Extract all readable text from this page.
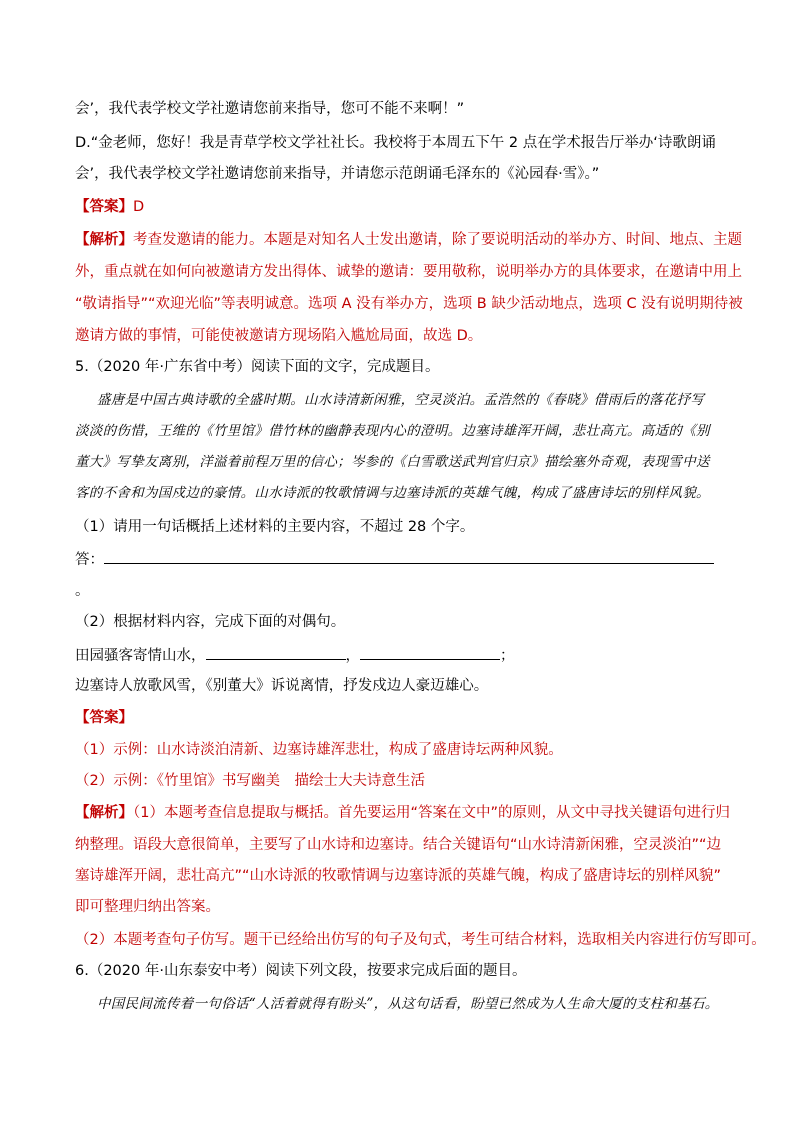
会’，我代表学校文学社邀请您前来指导，您可不能不来啊！”
D.“金老师，您好！我是青草学校文学社社长。我校将于本周五下午 2 点在学术报告厅举办‘诗歌朗诵
会’，我代表学校文学社邀请您前来指导，并请您示范朗诵毛泽东的《沁园春·雪》。”
【答案】D
【解析】考查发邀请的能力。本题是对知名人士发出邀请，除了要说明活动的举办方、时间、地点、主题
外，重点就在如何向被邀请方发出得体、诚挚的邀请：要用敬称，说明举办方的具体要求，在邀请中用上
“敬请指导”“欢迎光临”等表明诚意。选项 A 没有举办方，选项 B 缺少活动地点，选项 C 没有说明期待被
邀请方做的事情，可能使被邀请方现场陷入尴尬局面，故选 D。
5.（2020 年·广东省中考）阅读下面的文字，完成题目。
盛唐是中国古典诗歌的全盛时期。山水诗清新闲雅，空灵淡泊。孟浩然的《春晓》借雨后的落花抒写
淡淡的伤惜，王维的《竹里馆》借竹林的幽静表现内心的澄明。边塞诗雄浑开阔，悲壮高亢。高适的《别
董大》写挚友离别，洋溢着前程万里的信心；岑参的《白雪歌送武判官归京》描绘塞外奇观，表现雪中送
客的不舍和为国戍边的豪情。山水诗派的牧歌情调与边塞诗派的英雄气魄，构成了盛唐诗坛的别样风貌。
（1）请用一句话概括上述材料的主要内容，不超过 28 个字。
答：
。
（2）根据材料内容，完成下面的对偶句。
田园骚客寄情山水，	，	；
边塞诗人放歌风雪，《别董大》诉说离情，抒发戍边人豪迈雄心。
【答案】
（1）示例：山水诗淡泊清新、边塞诗雄浑悲壮，构成了盛唐诗坛两种风貌。
（2）示例：《竹里馆》书写幽美　描绘士大夫诗意生活
【解析】（1）本题考查信息提取与概括。首先要运用“答案在文中”的原则，从文中寻找关键语句进行归
纳整理。语段大意很简单，主要写了山水诗和边塞诗。结合关键语句“山水诗清新闲雅，空灵淡泊”“边
塞诗雄浑开阔，悲壮高亢”“山水诗派的牧歌情调与边塞诗派的英雄气魄，构成了盛唐诗坛的别样风貌”
即可整理归纳出答案。
（2）本题考查句子仿写。题干已经给出仿写的句子及句式，考生可结合材料，选取相关内容进行仿写即可。
6.（2020 年·山东泰安中考）阅读下列文段，按要求完成后面的题目。
中国民间流传着一句俗话“人活着就得有盼头”，从这句话看，盼望已然成为人生命大厦的支柱和基石。
